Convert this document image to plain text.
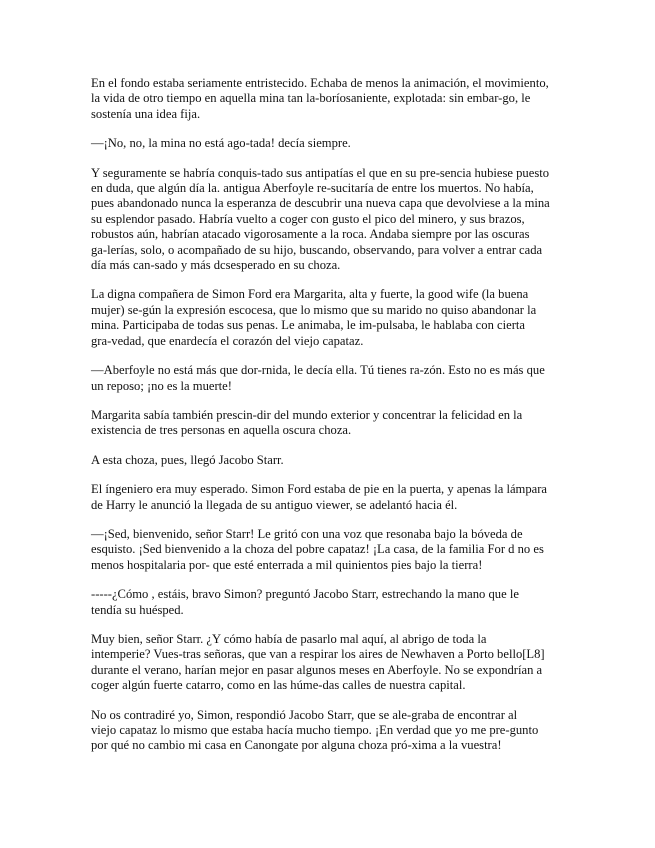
En el fondo estaba seriamente entristecido. Echaba de menos la animación, el movimiento,
la vida de otro tiempo en aquella mina tan la-boríosaniente, explotada: sin embar-go, le
sostenía una idea fija.

—¡No, no, la mina no está ago-tada! decía siempre.

Y seguramente se habría conquis-tado sus antipatías el que en su pre-sencia hubiese puesto
en duda, que algún día la. antigua Aberfoyle re-sucitaría de entre los muertos. No había,
pues abandonado nunca la esperanza de descubrir una nueva capa que devolviese a la mina
su esplendor pasado. Habría vuelto a coger con gusto el pico del minero, y sus brazos,
robustos aún, habrían atacado vigorosamente a la roca. Andaba siempre por las oscuras
ga-lerías, solo, o acompañado de su hijo, buscando, observando, para volver a entrar cada
día más can-sado y más dcsesperado en su choza.

La digna compañera de Simon Ford era Margarita, alta y fuerte, la good wife (la buena
mujer) se-gún la expresión escocesa, que lo mismo que su marido no quiso abandonar la
mina. Participaba de todas sus penas. Le animaba, le im-pulsaba, le hablaba con cierta
gra-vedad, que enardecía el corazón del viejo capataz.

—Aberfoyle no está más que dor-rnida, le decía ella. Tú tienes ra-zón. Esto no es más que
un reposo; ¡no es la muerte!

Margarita sabía también prescin-dir del mundo exterior y concentrar la felicidad en la
existencia de tres personas en aquella oscura choza.

A esta choza, pues, llegó Jacobo Starr.

El íngeniero era muy esperado. Simon Ford estaba de pie en la puerta, y apenas la lámpara
de Harry le anunció la llegada de su antiguo viewer, se adelantó hacia él.

—¡Sed, bienvenido, señor Starr! Le gritó con una voz que resonaba bajo la bóveda de
esquisto. ¡Sed bienvenido a la choza del pobre capataz! ¡La casa, de la familia For d no es
menos hospitalaria por- que esté enterrada a mil quinientos pies bajo la tierra!

-----¿Cómo , estáis, bravo Simon? preguntó Jacobo Starr, estrechando la mano que le
tendía su huésped.

Muy bien, señor Starr. ¿Y cómo había de pasarlo mal aquí, al abrigo de toda la
intemperie? Vues-tras señoras, que van a respirar los aires de Newhaven a Porto bello[L8]
durante el verano, harían mejor en pasar algunos meses en Aberfoyle. No se expondrían a
coger algún fuerte catarro, como en las húme-das calles de nuestra capital.

No os contradiré yo, Simon, respondió Jacobo Starr, que se ale-graba de encontrar al
viejo capataz lo mismo que estaba hacía mucho tiempo. ¡En verdad que yo me pre-gunto
por qué no cambio mi casa en Canongate por alguna choza pró-xima a la vuestra!
